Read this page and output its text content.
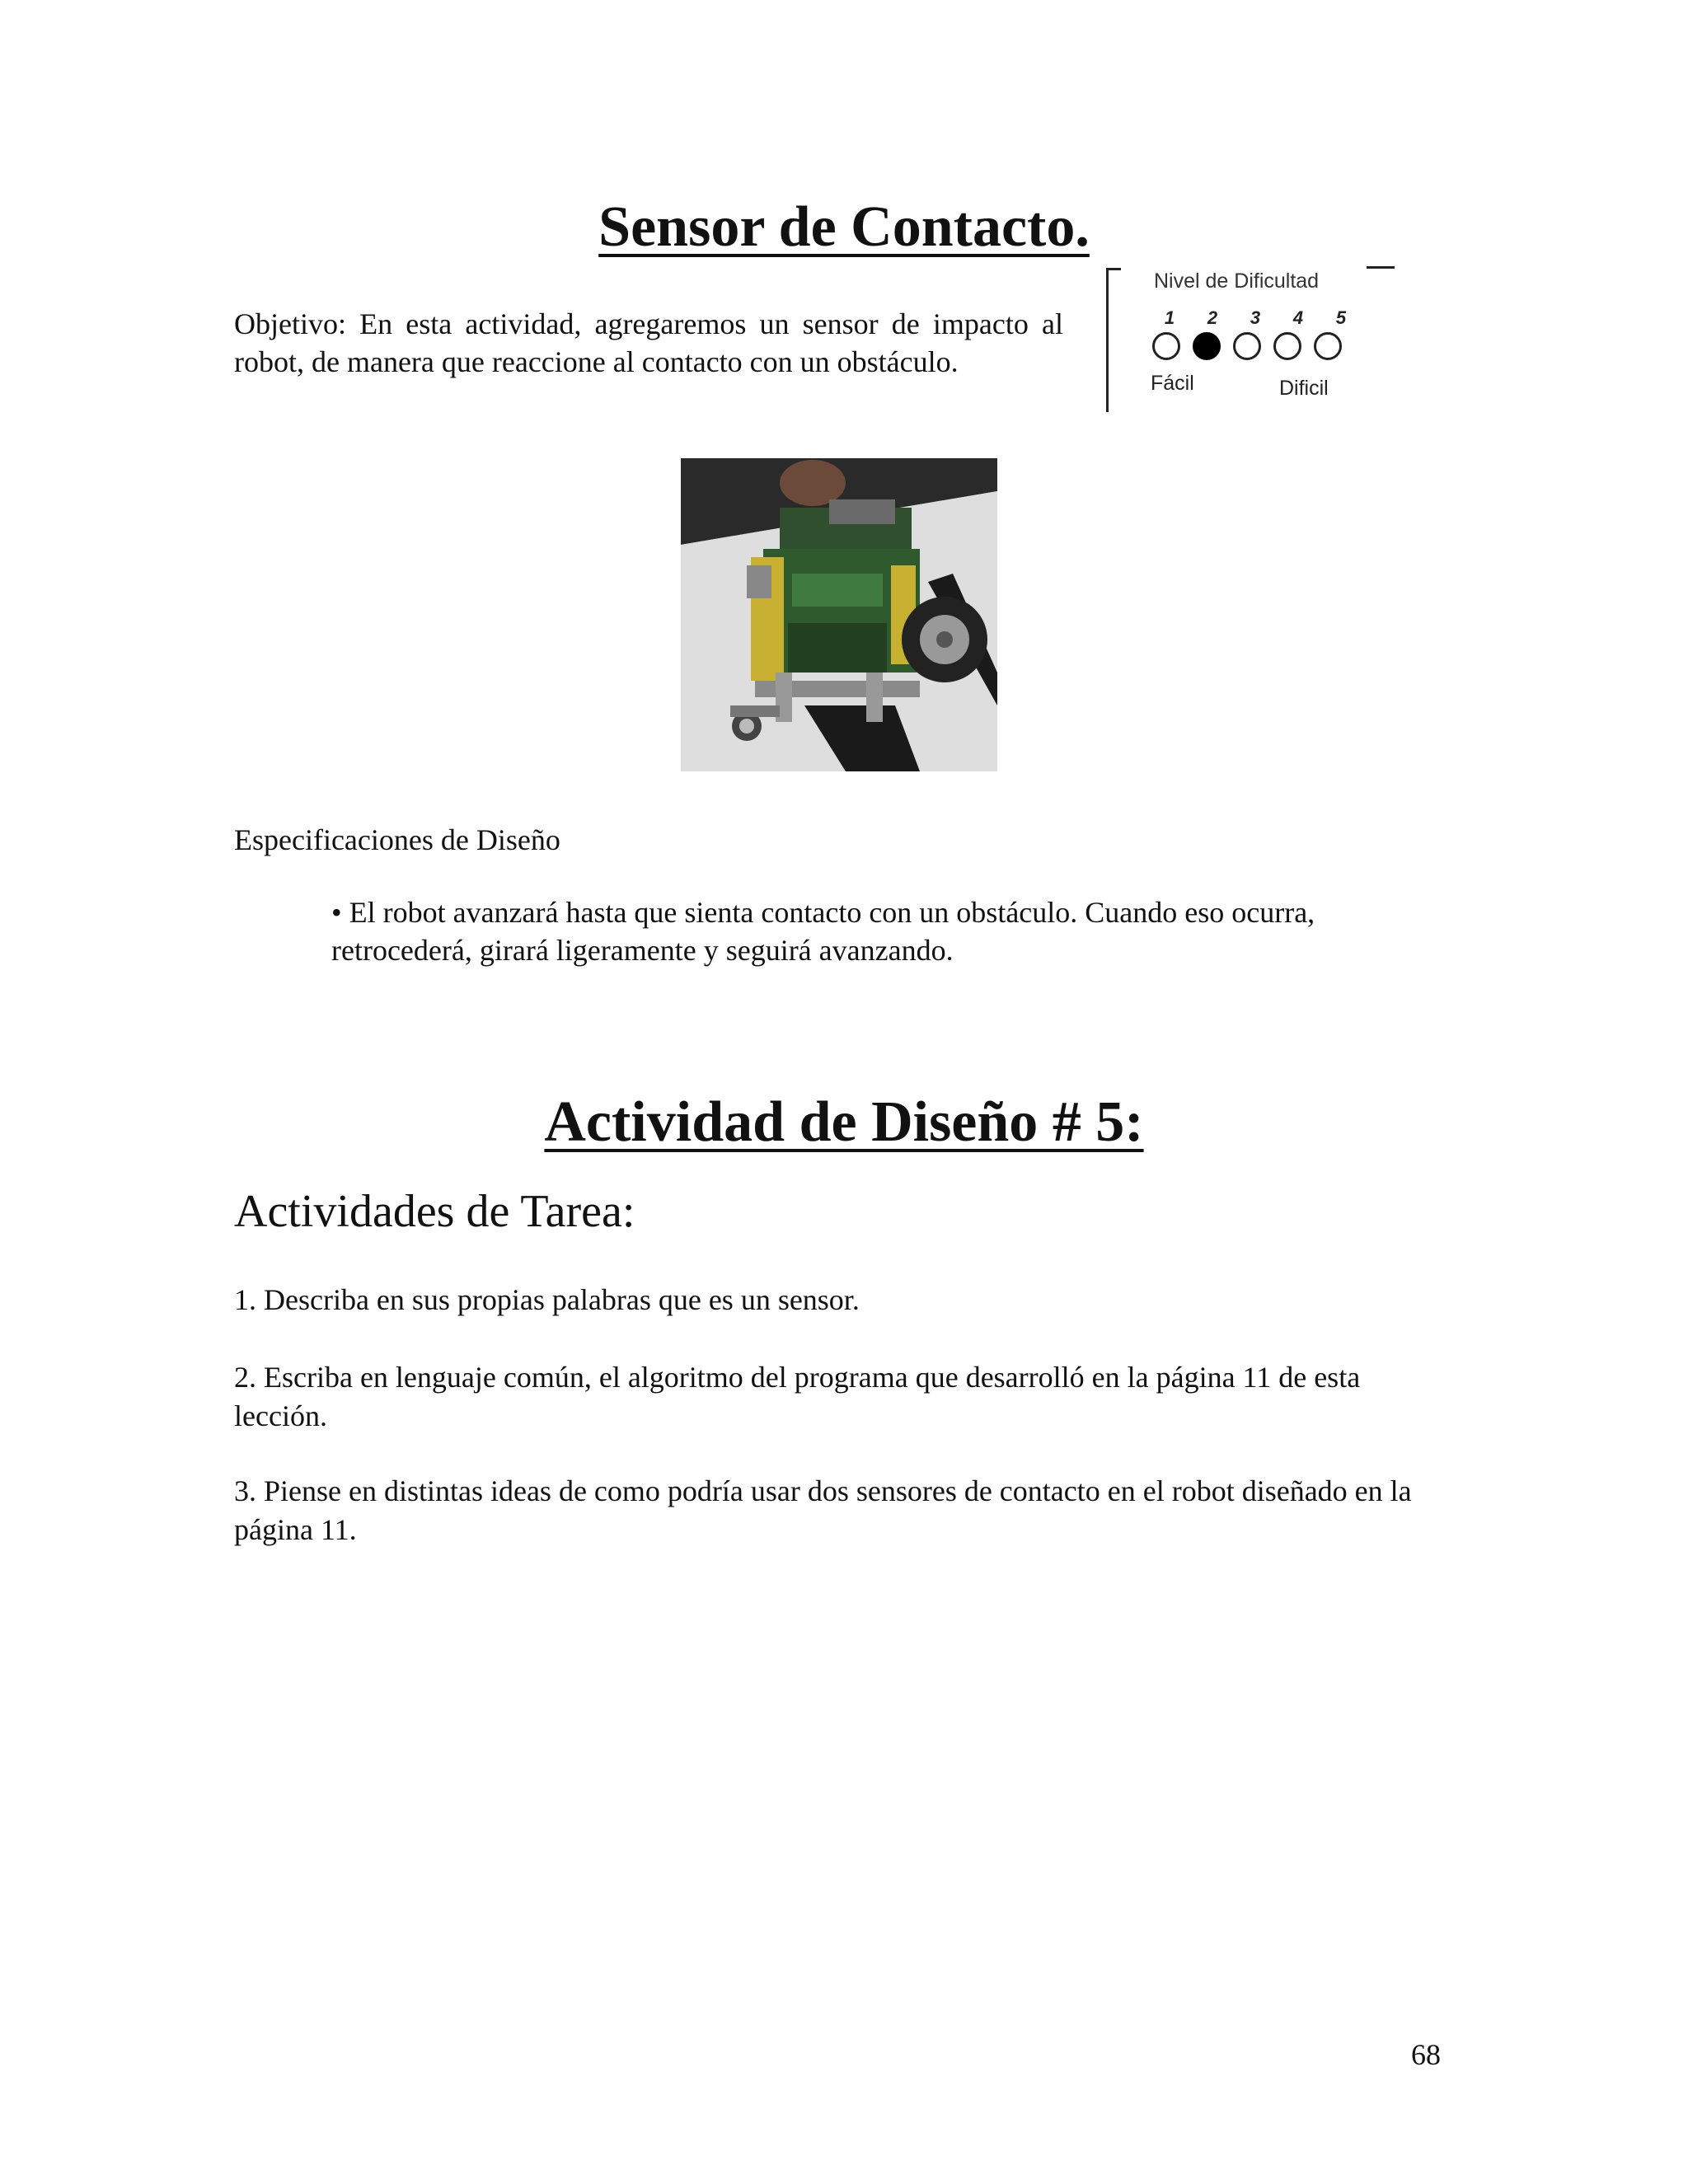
Sensor de Contacto.
Objetivo: En esta actividad, agregaremos un sensor de impacto al robot, de manera que reaccione al contacto con un obstáculo.
Nivel de Dificultad
1	2	3	4	5
Fácil	Dificil
Especificaciones de Diseño
• El robot avanzará hasta que sienta contacto con un obstáculo. Cuando eso ocurra, retrocederá, girará ligeramente y seguirá avanzando.
Actividad de Diseño # 5:
Actividades de Tarea:
1. Describa en sus propias palabras que es un sensor.
2. Escriba en lenguaje común, el algoritmo del programa que desarrolló en la página 11 de esta lección.
3. Piense en distintas ideas de como podría usar dos sensores de contacto en el robot diseñado en la página 11.
68
